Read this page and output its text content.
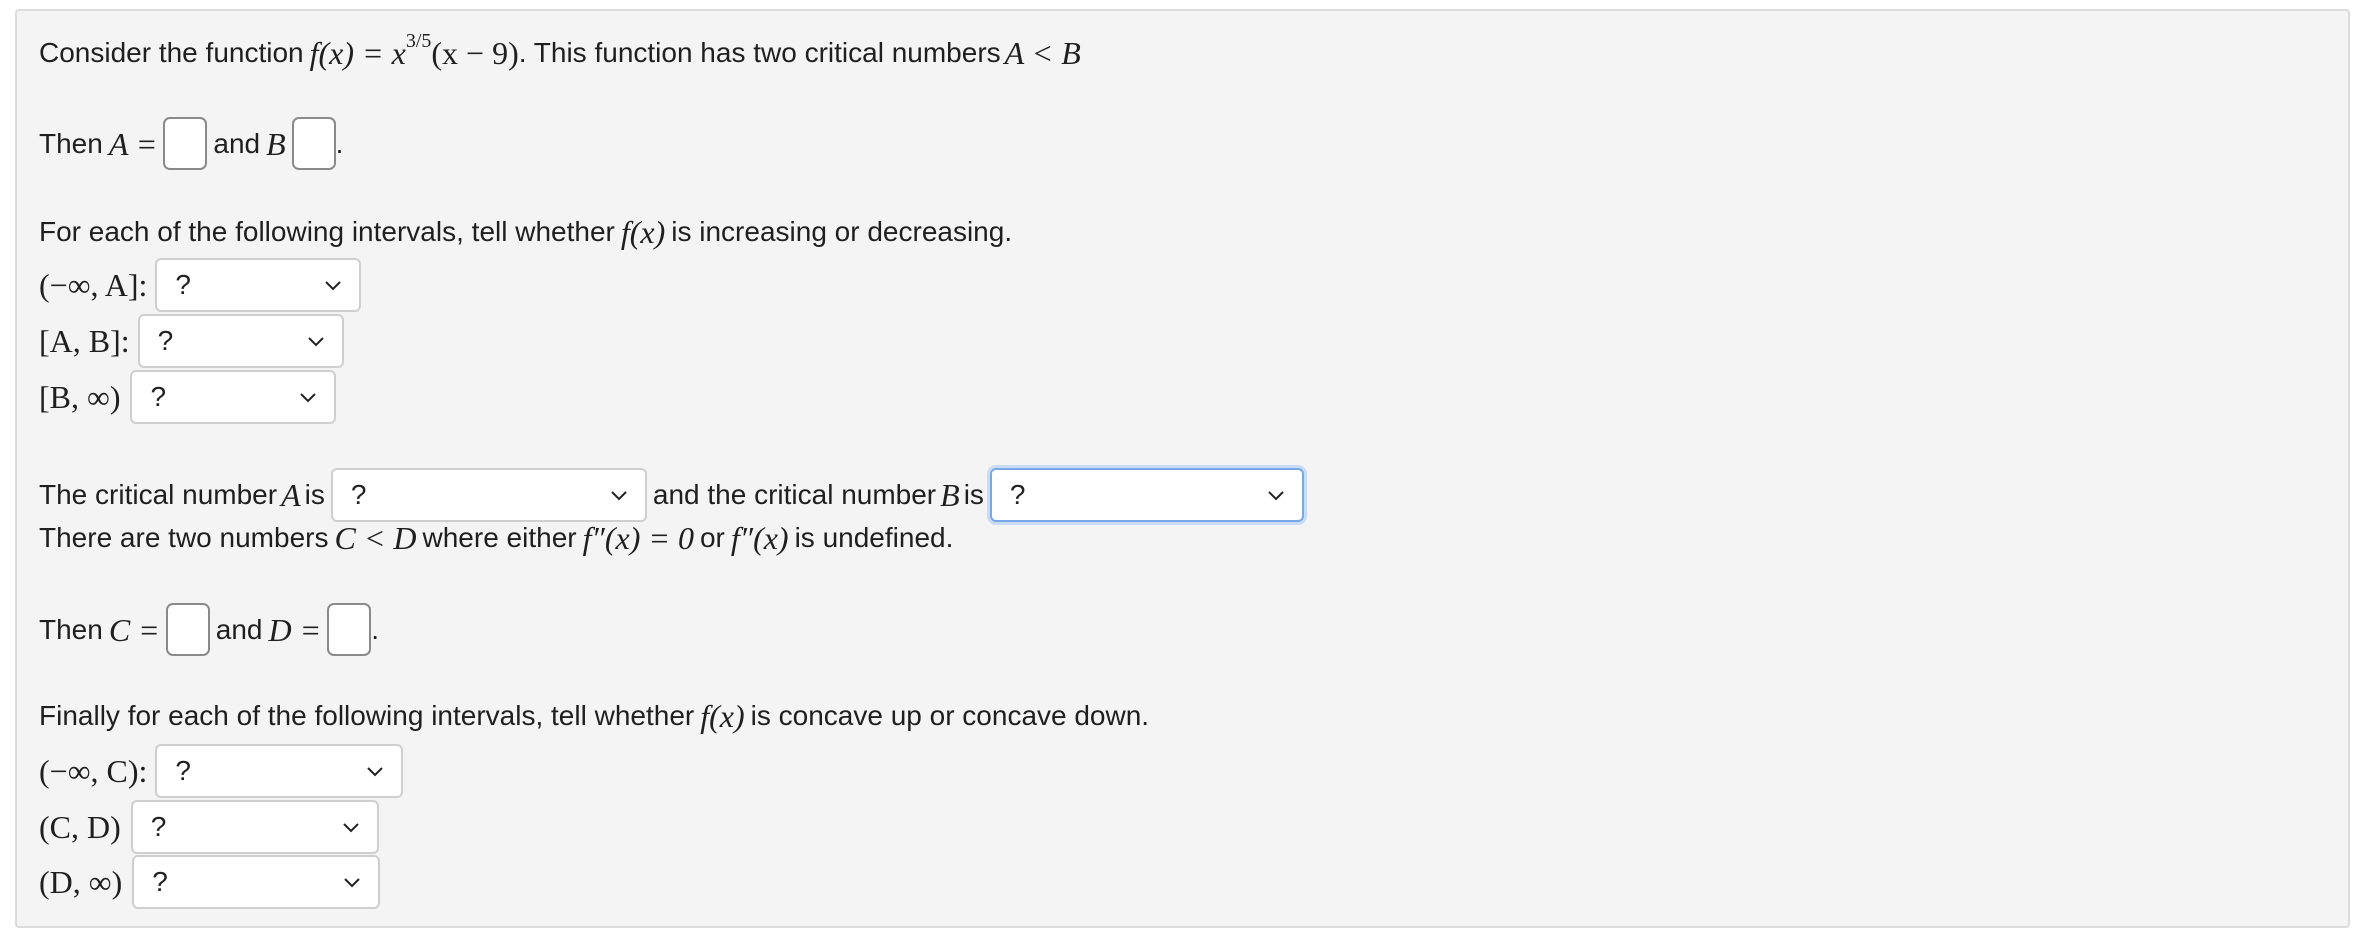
Consider the function f(x) = x 3/5 (x − 9) . This function has two critical numbers A < B
Then A = and B .
For each of the following intervals, tell whether f(x) is increasing or decreasing.
(−∞, A]: ?
[A, B]: ?
[B, ∞) ?
The critical number A is ?	and the critical number B is ?
There are two numbers C < D where either f″(x) = 0 or f″(x) is undefined.
Then C = and D = .
Finally for each of the following intervals, tell whether f(x) is concave up or concave down.
(−∞, C): ?
(C, D) ?
(D, ∞) ?
